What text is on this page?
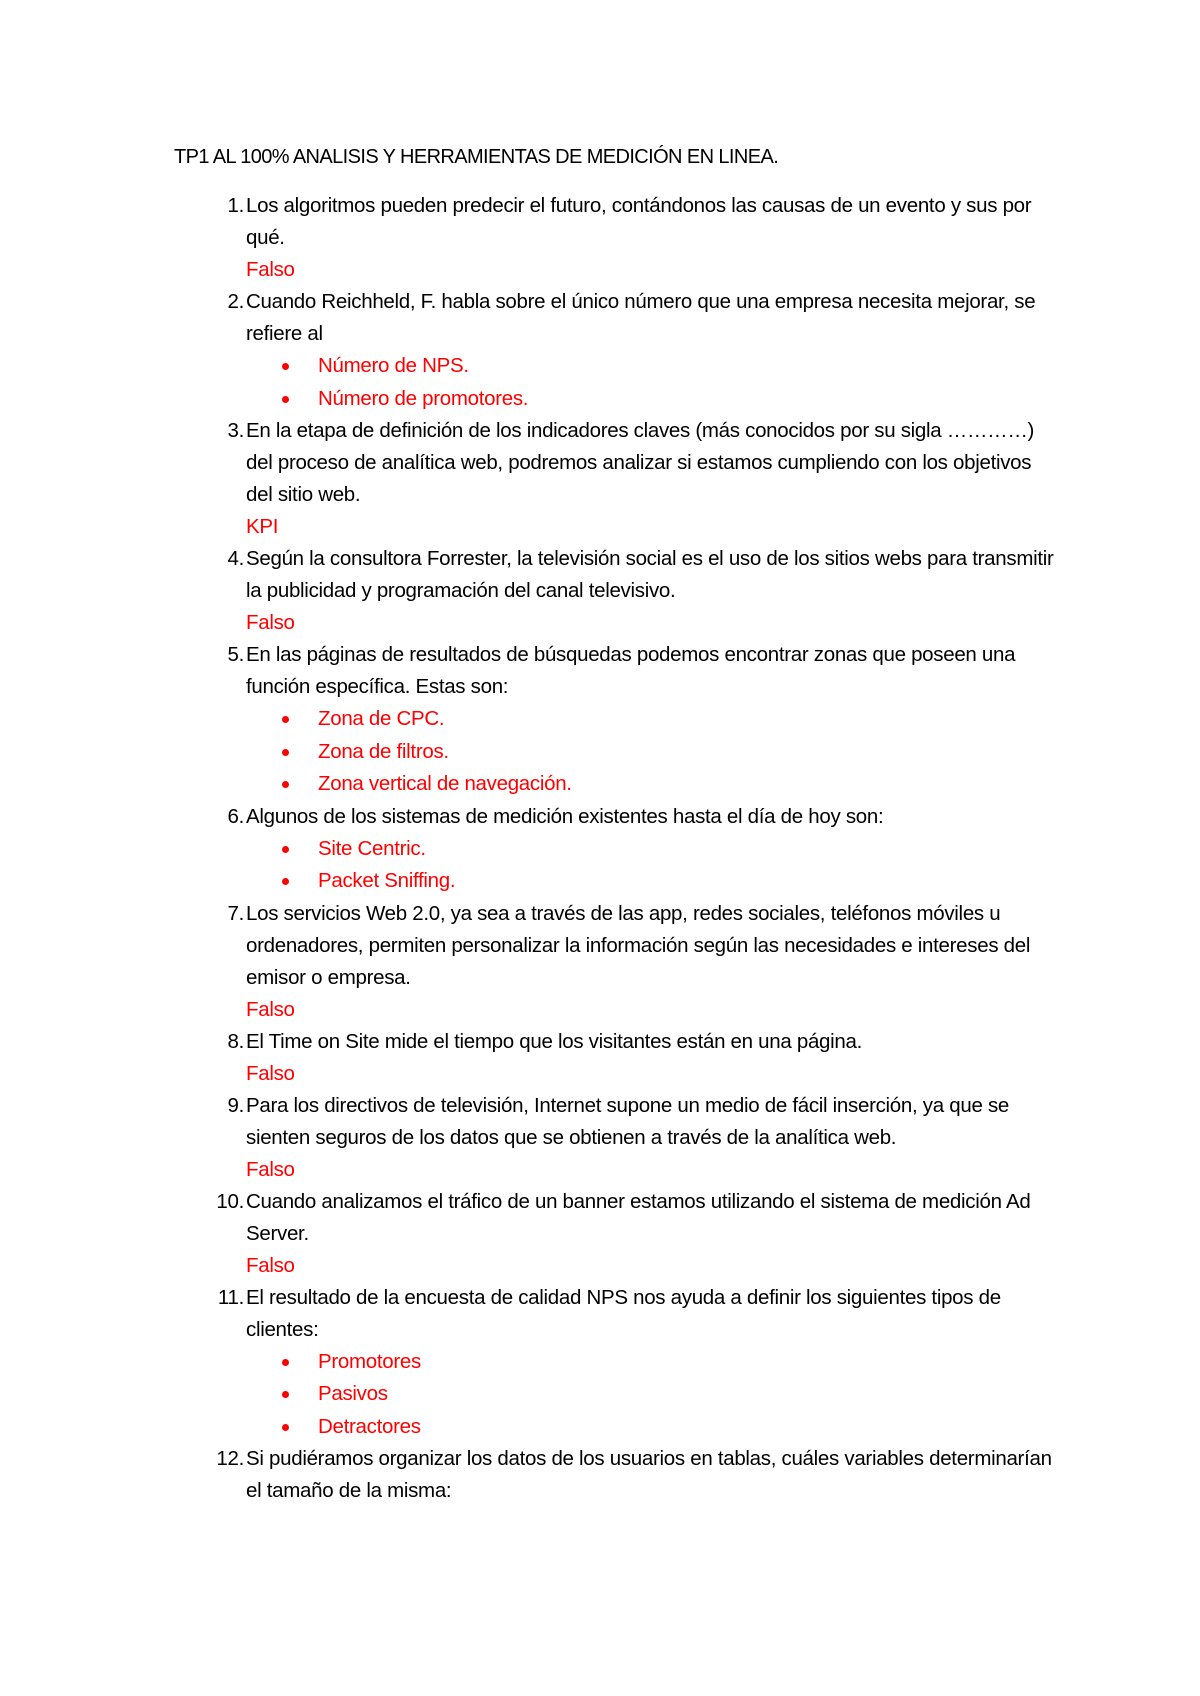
TP1 AL 100% ANALISIS Y HERRAMIENTAS DE MEDICIÓN EN LINEA.
1. Los algoritmos pueden predecir el futuro, contándonos las causas de un evento y sus por qué.
Falso
2. Cuando Reichheld, F. habla sobre el único número que una empresa necesita mejorar, se refiere al
Número de NPS.
Número de promotores.
3. En la etapa de definición de los indicadores claves (más conocidos por su sigla …………) del proceso de analítica web, podremos analizar si estamos cumpliendo con los objetivos del sitio web.
KPI
4. Según la consultora Forrester, la televisión social es el uso de los sitios webs para transmitir la publicidad y programación del canal televisivo.
Falso
5. En las páginas de resultados de búsquedas podemos encontrar zonas que poseen una función específica. Estas son:
Zona de CPC.
Zona de filtros.
Zona vertical de navegación.
6. Algunos de los sistemas de medición existentes hasta el día de hoy son:
Site Centric.
Packet Sniffing.
7. Los servicios Web 2.0, ya sea a través de las app, redes sociales, teléfonos móviles u ordenadores, permiten personalizar la información según las necesidades e intereses del emisor o empresa.
Falso
8. El Time on Site mide el tiempo que los visitantes están en una página.
Falso
9. Para los directivos de televisión, Internet supone un medio de fácil inserción, ya que se sienten seguros de los datos que se obtienen a través de la analítica web.
Falso
10. Cuando analizamos el tráfico de un banner estamos utilizando el sistema de medición Ad Server.
Falso
11. El resultado de la encuesta de calidad NPS nos ayuda a definir los siguientes tipos de clientes:
Promotores
Pasivos
Detractores
12. Si pudiéramos organizar los datos de los usuarios en tablas, cuáles variables determinarían el tamaño de la misma:
